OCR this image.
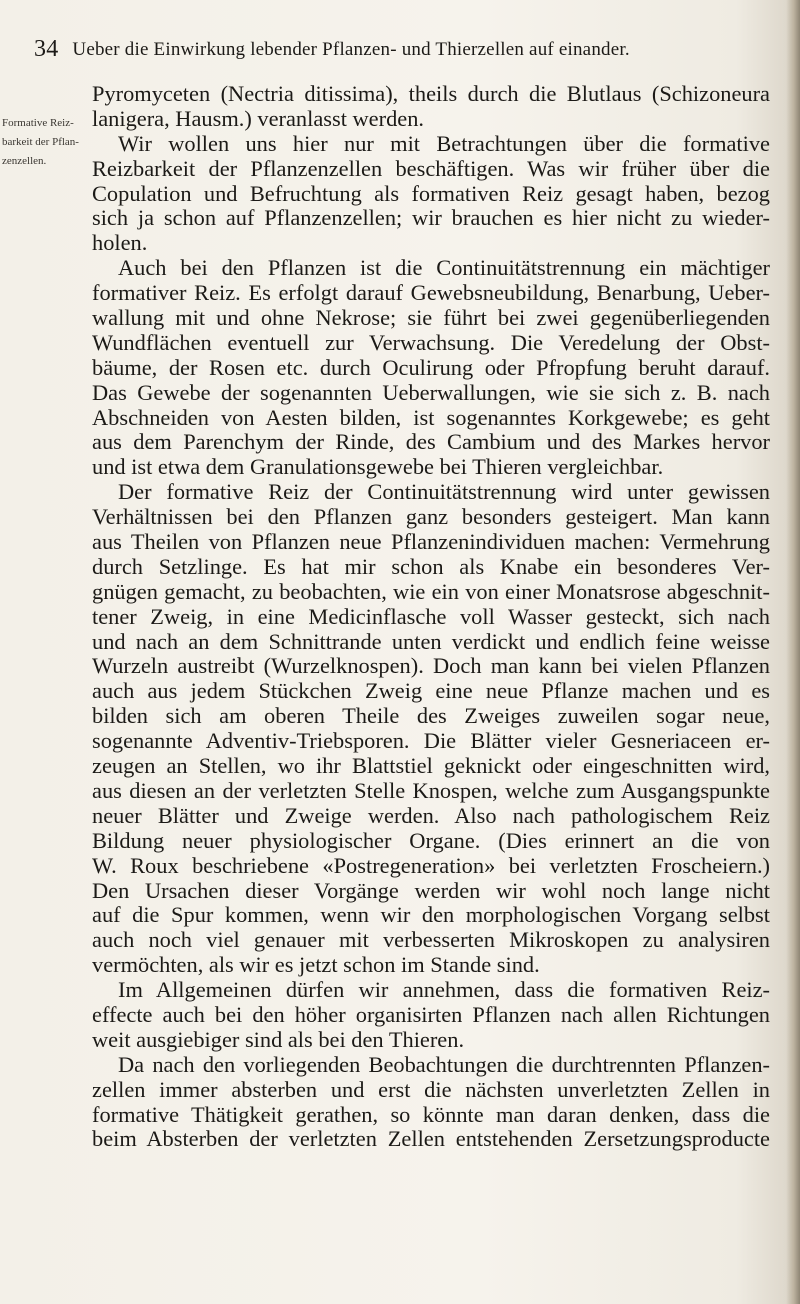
34 Ueber die Einwirkung lebender Pflanzen- und Thierzellen auf einander.
Formative Reiz-
barkeit der Pflan-
zenzellen.
Pyromyceten (Nectria ditissima), theils durch die Blutlaus (Schizoneura
lanigera, Hausm.) veranlasst werden.
Wir wollen uns hier nur mit Betrachtungen über die formative
Reizbarkeit der Pflanzenzellen beschäftigen. Was wir früher über die
Copulation und Befruchtung als formativen Reiz gesagt haben, bezog
sich ja schon auf Pflanzenzellen; wir brauchen es hier nicht zu wieder-
holen.
Auch bei den Pflanzen ist die Continuitätstrennung ein mächtiger
formativer Reiz. Es erfolgt darauf Gewebsneubildung, Benarbung, Ueber-
wallung mit und ohne Nekrose; sie führt bei zwei gegenüberliegenden
Wundflächen eventuell zur Verwachsung. Die Veredelung der Obst-
bäume, der Rosen etc. durch Oculirung oder Pfropfung beruht darauf.
Das Gewebe der sogenannten Ueberwallungen, wie sie sich z. B. nach
Abschneiden von Aesten bilden, ist sogenanntes Korkgewebe; es geht
aus dem Parenchym der Rinde, des Cambium und des Markes hervor
und ist etwa dem Granulationsgewebe bei Thieren vergleichbar.
Der formative Reiz der Continuitätstrennung wird unter gewissen
Verhältnissen bei den Pflanzen ganz besonders gesteigert. Man kann
aus Theilen von Pflanzen neue Pflanzenindividuen machen: Vermehrung
durch Setzlinge. Es hat mir schon als Knabe ein besonderes Ver-
gnügen gemacht, zu beobachten, wie ein von einer Monatsrose abgeschnit-
tener Zweig, in eine Medicinflasche voll Wasser gesteckt, sich nach
und nach an dem Schnittrande unten verdickt und endlich feine weisse
Wurzeln austreibt (Wurzelknospen). Doch man kann bei vielen Pflanzen
auch aus jedem Stückchen Zweig eine neue Pflanze machen und es
bilden sich am oberen Theile des Zweiges zuweilen sogar neue,
sogenannte Adventiv-Triebsporen. Die Blätter vieler Gesneriaceen er-
zeugen an Stellen, wo ihr Blattstiel geknickt oder eingeschnitten wird,
aus diesen an der verletzten Stelle Knospen, welche zum Ausgangspunkte
neuer Blätter und Zweige werden. Also nach pathologischem Reiz
Bildung neuer physiologischer Organe. (Dies erinnert an die von
W. Roux beschriebene «Postregeneration» bei verletzten Froscheiern.)
Den Ursachen dieser Vorgänge werden wir wohl noch lange nicht
auf die Spur kommen, wenn wir den morphologischen Vorgang selbst
auch noch viel genauer mit verbesserten Mikroskopen zu analysiren
vermöchten, als wir es jetzt schon im Stande sind.
Im Allgemeinen dürfen wir annehmen, dass die formativen Reiz-
effecte auch bei den höher organisirten Pflanzen nach allen Richtungen
weit ausgiebiger sind als bei den Thieren.
Da nach den vorliegenden Beobachtungen die durchtrennten Pflanzen-
zellen immer absterben und erst die nächsten unverletzten Zellen in
formative Thätigkeit gerathen, so könnte man daran denken, dass die
beim Absterben der verletzten Zellen entstehenden Zersetzungsproducte
